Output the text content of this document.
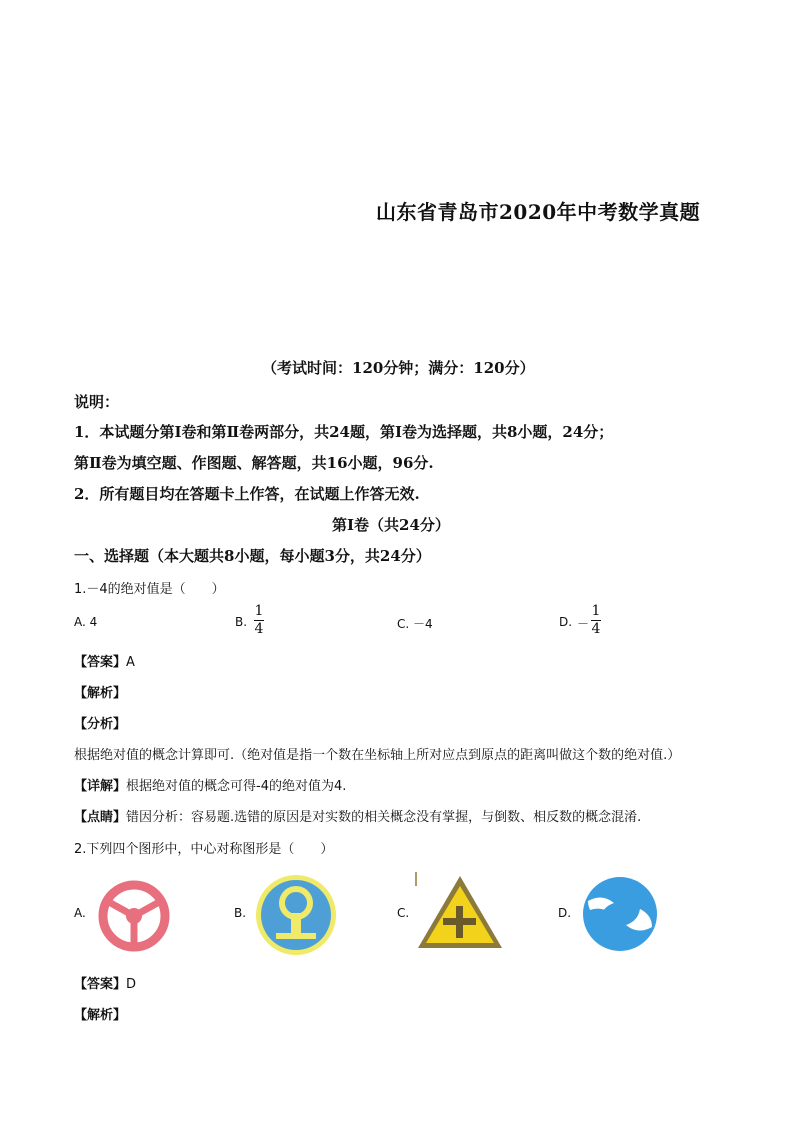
山东省青岛市2020年中考数学真题
（考试时间：120分钟；满分：120分）
说明：
1．本试题分第Ⅰ卷和第Ⅱ卷两部分，共24题，第Ⅰ卷为选择题，共8小题，24分；
第Ⅱ卷为填空题、作图题、解答题，共16小题，96分.
2．所有题目均在答题卡上作答，在试题上作答无效.
第Ⅰ卷（共24分）
一、选择题（本大题共8小题，每小题3分，共24分）
1.－4的绝对值是（　　）
A. 4	B.
1
4	C. －4	D. －
1
4
【答案】A
【解析】
【分析】
根据绝对值的概念计算即可.（绝对值是指一个数在坐标轴上所对应点到原点的距离叫做这个数的绝对值.）
【详解】根据绝对值的概念可得-4的绝对值为4.
【点睛】错因分析：容易题.选错的原因是对实数的相关概念没有掌握，与倒数、相反数的概念混淆.
2.下列四个图形中，中心对称图形是（　　）
A.	B.	C.	D.
【答案】D
【解析】
